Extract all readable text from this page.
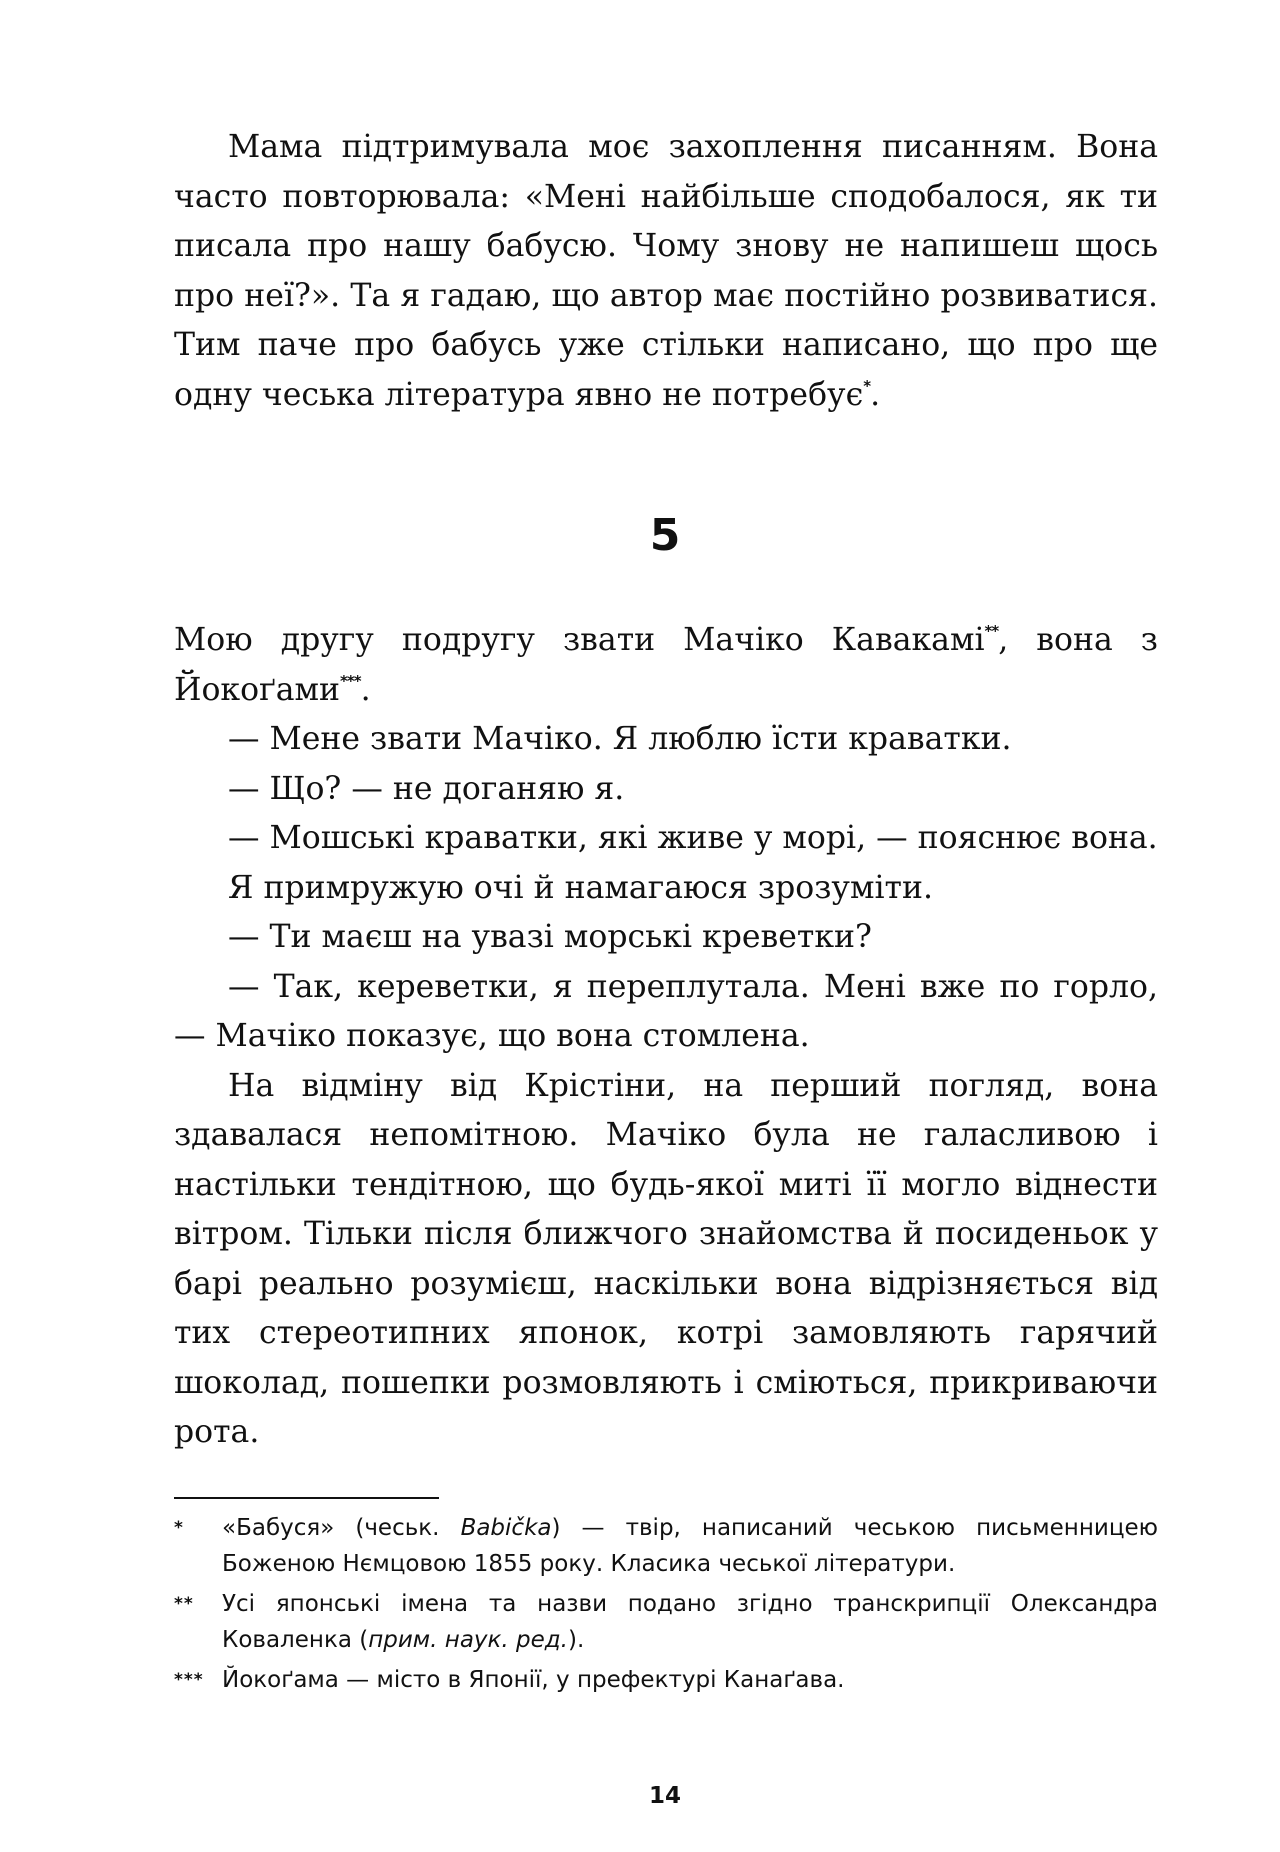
Мама підтримувала моє захоплення писанням. Вона часто повторювала: «Мені найбільше сподобалося, як ти писала про нашу бабусю. Чому знову не напишеш щось про неї?». Та я гадаю, що автор має постійно розвиватися. Тим паче про бабусь уже стільки написано, що про ще одну чеська література явно не потребує*.

5

Мою другу подругу звати Мачіко Кавакамі**, вона з Йокоґами***.

— Мене звати Мачіко. Я люблю їсти краватки.

— Що? — не доганяю я.

— Мошські краватки, які живе у морі, — пояснює вона.

Я примружую очі й намагаюся зрозуміти.

— Ти маєш на увазі морські креветки?

— Так, кереветки, я переплутала. Мені вже по горло, — Мачіко показує, що вона стомлена.

На відміну від Крістіни, на перший погляд, вона здавалася непомітною. Мачіко була не галасливою і настільки тендітною, що будь-якої миті її могло віднести вітром. Тільки після ближчого знайомства й посиденьок у барі реально розумієш, наскільки вона відрізняється від тих стереотипних японок, котрі замовляють гарячий шоколад, пошепки розмовляють і сміються, прикриваючи рота.

* «Бабуся» (чеськ. Babička) — твір, написаний чеською письменницею Боженою Нємцовою 1855 року. Класика чеської літератури.

** Усі японські імена та назви подано згідно транскрипції Олександра Коваленка (прим. наук. ред.).

*** Йокоґама — місто в Японії, у префектурі Канаґава.

14
